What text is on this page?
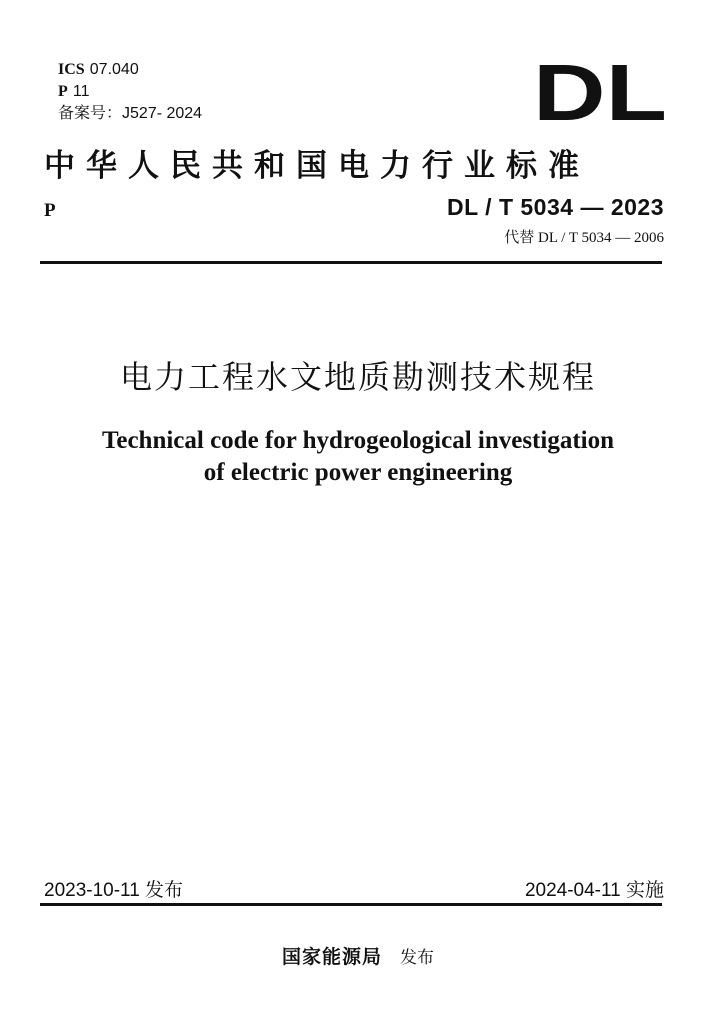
ICS 07.040
P 11
备案号：J527- 2024	DL
中华人民共和国电力行业标准
P	DL / T 5034 — 2023
代替 DL / T 5034 — 2006
电力工程水文地质勘测技术规程
Technical code for hydrogeological investigation
of electric power engineering
2023-10-11 发布	2024-04-11 实施
国家能源局 发布
